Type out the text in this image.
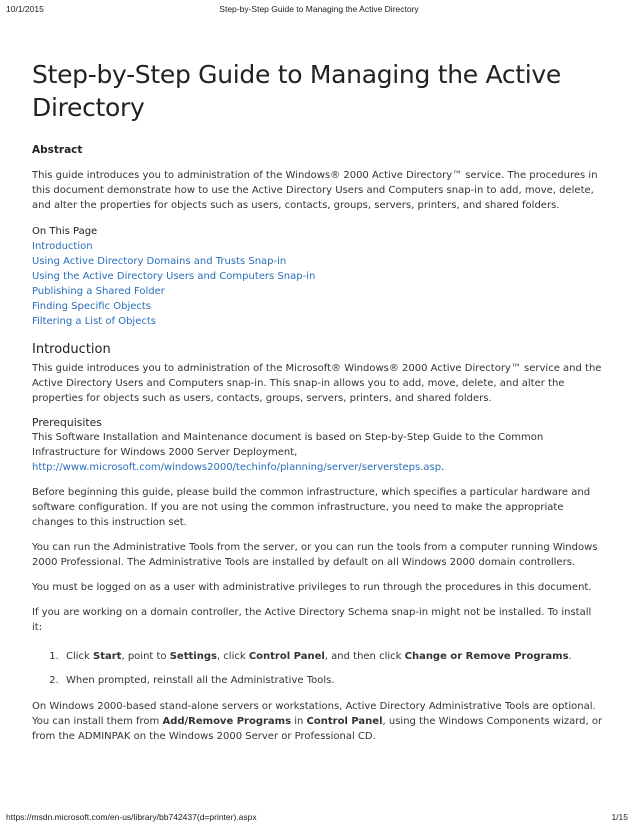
10/1/2015	Step-by-Step Guide to Managing the Active Directory
Step-by-Step Guide to Managing the Active Directory
Abstract

This guide introduces you to administration of the Windows® 2000 Active Directory™ service. The procedures in this document demonstrate how to use the Active Directory Users and Computers snap-in to add, move, delete, and alter the properties for objects such as users, contacts, groups, servers, printers, and shared folders.

On This Page
Introduction
Using Active Directory Domains and Trusts Snap-in
Using the Active Directory Users and Computers Snap-in
Publishing a Shared Folder
Finding Specific Objects
Filtering a List of Objects
Introduction

This guide introduces you to administration of the Microsoft® Windows® 2000 Active Directory™ service and the Active Directory Users and Computers snap-in. This snap-in allows you to add, move, delete, and alter the properties for objects such as users, contacts, groups, servers, printers, and shared folders.

Prerequisites

This Software Installation and Maintenance document is based on Step-by-Step Guide to the Common Infrastructure for Windows 2000 Server Deployment,
http://www.microsoft.com/windows2000/techinfo/planning/server/serversteps.asp.

Before beginning this guide, please build the common infrastructure, which specifies a particular hardware and software configuration. If you are not using the common infrastructure, you need to make the appropriate changes to this instruction set.

You can run the Administrative Tools from the server, or you can run the tools from a computer running Windows 2000 Professional. The Administrative Tools are installed by default on all Windows 2000 domain controllers.

You must be logged on as a user with administrative privileges to run through the procedures in this document.

If you are working on a domain controller, the Active Directory Schema snap-in might not be installed. To install it:

1. Click Start, point to Settings, click Control Panel, and then click Change or Remove Programs.
2. When prompted, reinstall all the Administrative Tools.

On Windows 2000-based stand-alone servers or workstations, Active Directory Administrative Tools are optional. You can install them from Add/Remove Programs in Control Panel, using the Windows Components wizard, or from the ADMINPAK on the Windows 2000 Server or Professional CD.

https://msdn.microsoft.com/en-us/library/bb742437(d=printer).aspx	1/15
